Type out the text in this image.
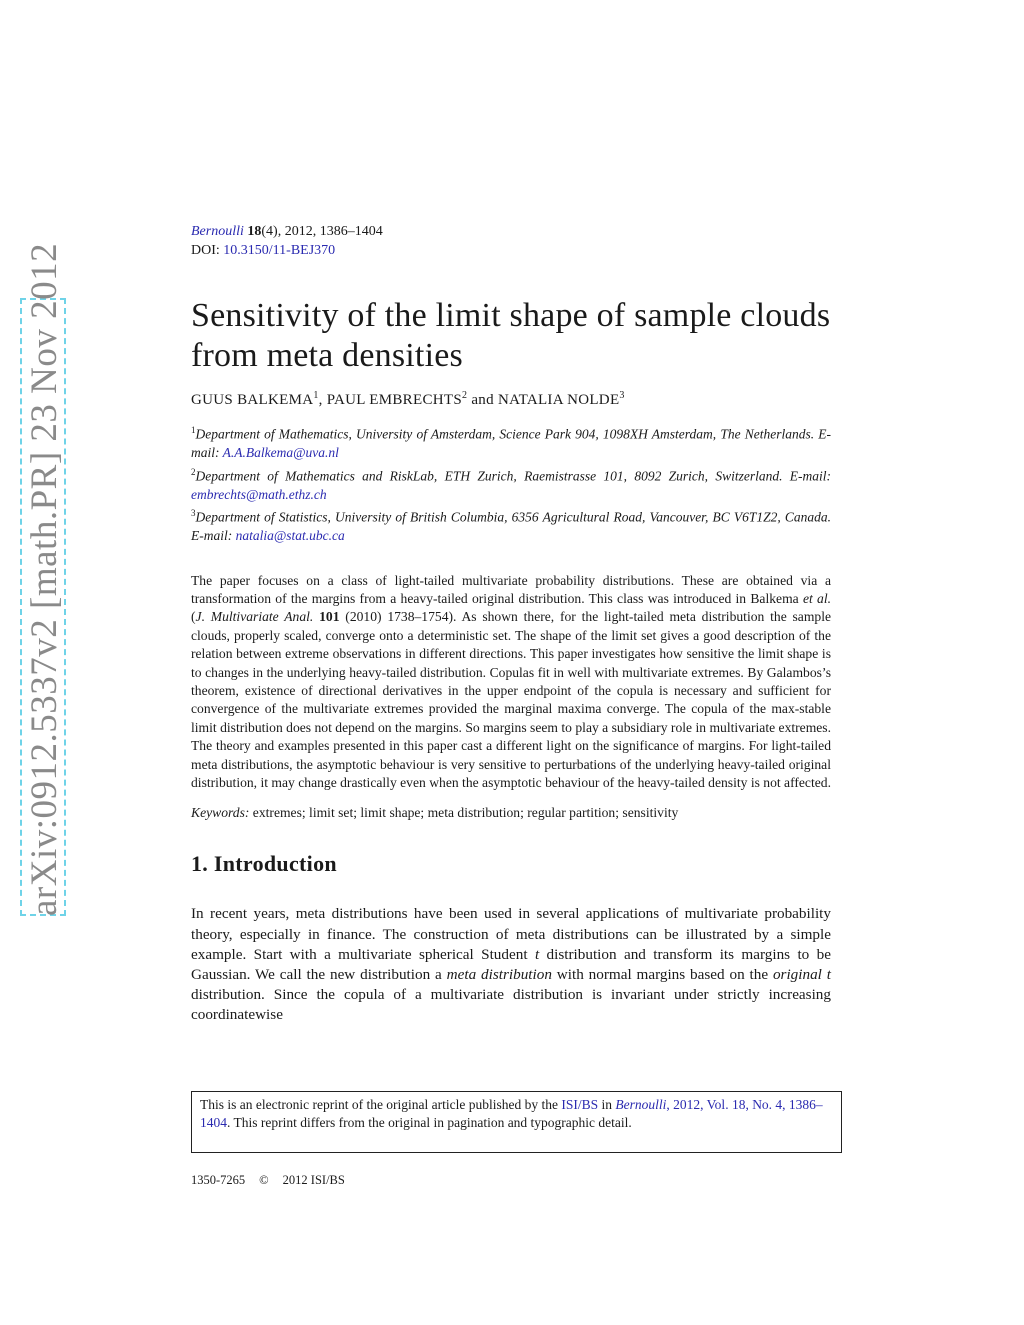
arXiv:0912.5337v2 [math.PR] 23 Nov 2012
Bernoulli 18(4), 2012, 1386–1404
DOI: 10.3150/11-BEJ370
Sensitivity of the limit shape of sample clouds from meta densities
GUUS BALKEMA$^1$, PAUL EMBRECHTS$^2$ and NATALIA NOLDE$^3$
$^1$Department of Mathematics, University of Amsterdam, Science Park 904, 1098XH Amsterdam, The Netherlands. E-mail: A.A.Balkema@uva.nl
$^2$Department of Mathematics and RiskLab, ETH Zurich, Raemistrasse 101, 8092 Zurich, Switzerland. E-mail: embrechts@math.ethz.ch
$^3$Department of Statistics, University of British Columbia, 6356 Agricultural Road, Vancouver, BC V6T1Z2, Canada. E-mail: natalia@stat.ubc.ca
The paper focuses on a class of light-tailed multivariate probability distributions. These are obtained via a transformation of the margins from a heavy-tailed original distribution. This class was introduced in Balkema et al. (J. Multivariate Anal. 101 (2010) 1738–1754). As shown there, for the light-tailed meta distribution the sample clouds, properly scaled, converge onto a deterministic set. The shape of the limit set gives a good description of the relation between extreme observations in different directions. This paper investigates how sensitive the limit shape is to changes in the underlying heavy-tailed distribution. Copulas fit in well with multivariate extremes. By Galambos’s theorem, existence of directional derivatives in the upper endpoint of the copula is necessary and sufficient for convergence of the multivariate extremes provided the marginal maxima converge. The copula of the max-stable limit distribution does not depend on the margins. So margins seem to play a subsidiary role in multivariate extremes. The theory and examples presented in this paper cast a different light on the significance of margins. For light-tailed meta distributions, the asymptotic behaviour is very sensitive to perturbations of the underlying heavy-tailed original distribution, it may change drastically even when the asymptotic behaviour of the heavy-tailed density is not affected.
Keywords: extremes; limit set; limit shape; meta distribution; regular partition; sensitivity
1. Introduction
In recent years, meta distributions have been used in several applications of multivariate probability theory, especially in finance. The construction of meta distributions can be illustrated by a simple example. Start with a multivariate spherical Student t distribution and transform its margins to be Gaussian. We call the new distribution a meta distribution with normal margins based on the original t distribution. Since the copula of a multivariate distribution is invariant under strictly increasing coordinatewise
This is an electronic reprint of the original article published by the ISI/BS in Bernoulli, 2012, Vol. 18, No. 4, 1386–1404. This reprint differs from the original in pagination and typographic detail.
1350-7265 © 2012 ISI/BS
